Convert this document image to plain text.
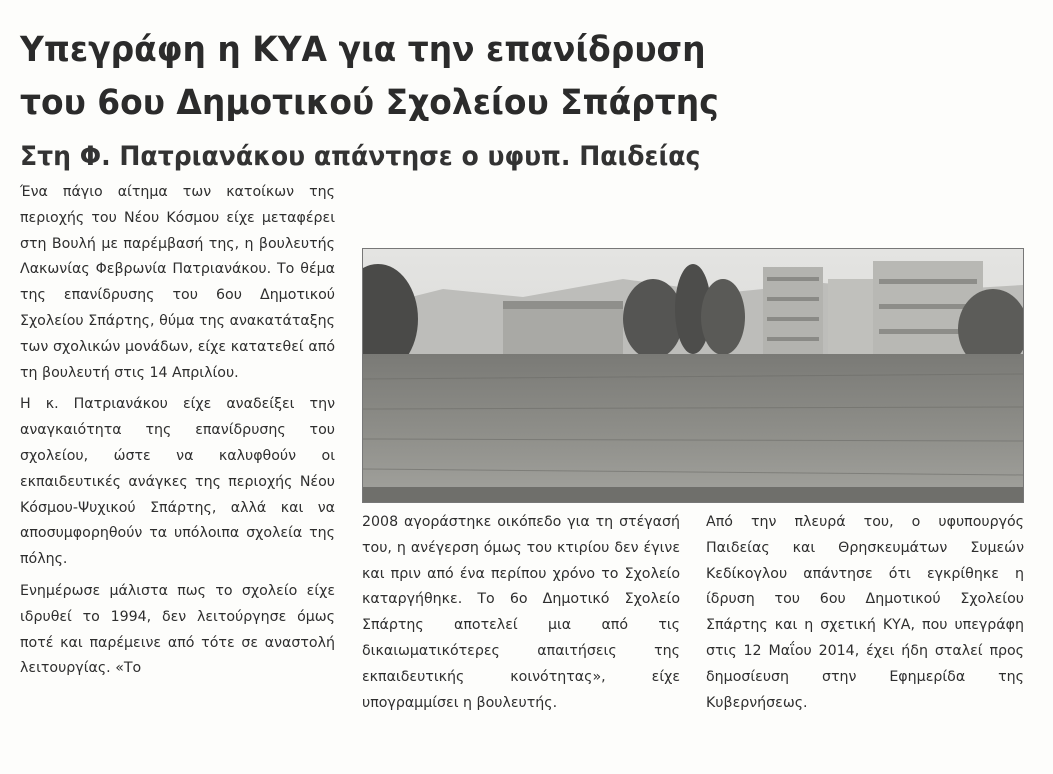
Υπεγράφη η ΚΥΑ για την επανίδρυση
του 6ου Δημοτικού Σχολείου Σπάρτης
Στη Φ. Πατριανάκου απάντησε ο υφυπ. Παιδείας

Ένα πάγιο αίτημα των κατοίκων της περιοχής του Νέου Κόσμου είχε μεταφέρει στη Βουλή με παρέμβασή της, η βουλευτής Λακωνίας Φεβρωνία Πατριανάκου. Το θέμα της επανίδρυσης του 6ου Δημοτικού Σχολείου Σπάρτης, θύμα της ανακατάταξης των σχολικών μονάδων, είχε κατατεθεί από τη βουλευτή στις 14 Απριλίου.

Η κ. Πατριανάκου είχε αναδείξει την αναγκαιότητα της επανίδρυσης του σχολείου, ώστε να καλυφθούν οι εκπαιδευτικές ανάγκες της περιοχής Νέου Κόσμου-Ψυχικού Σπάρτης, αλλά και να αποσυμφορηθούν τα υπόλοιπα σχολεία της πόλης.

Ενημέρωσε μάλιστα πως το σχολείο είχε ιδρυθεί το 1994, δεν λειτούργησε όμως ποτέ και παρέμεινε από τότε σε αναστολή λειτουργίας. «Το

2008 αγοράστηκε οικόπεδο για τη στέγασή του, η ανέγερση όμως του κτιρίου δεν έγινε και πριν από ένα περίπου χρόνο το Σχολείο καταργήθηκε. Το 6ο Δημοτικό Σχολείο Σπάρτης αποτελεί μια από τις δικαιωματικότερες απαιτήσεις της εκπαιδευτικής κοινότητας», είχε υπογραμμίσει η βουλευτής.

Από την πλευρά του, ο υφυπουργός Παιδείας και Θρησκευμάτων Συμεών Κεδίκογλου απάντησε ότι εγκρίθηκε η ίδρυση του 6ου Δημοτικού Σχολείου Σπάρτης και η σχετική ΚΥΑ, που υπεγράφη στις 12 Μαΐου 2014, έχει ήδη σταλεί προς δημοσίευση στην Εφημερίδα της Κυβερνήσεως.
